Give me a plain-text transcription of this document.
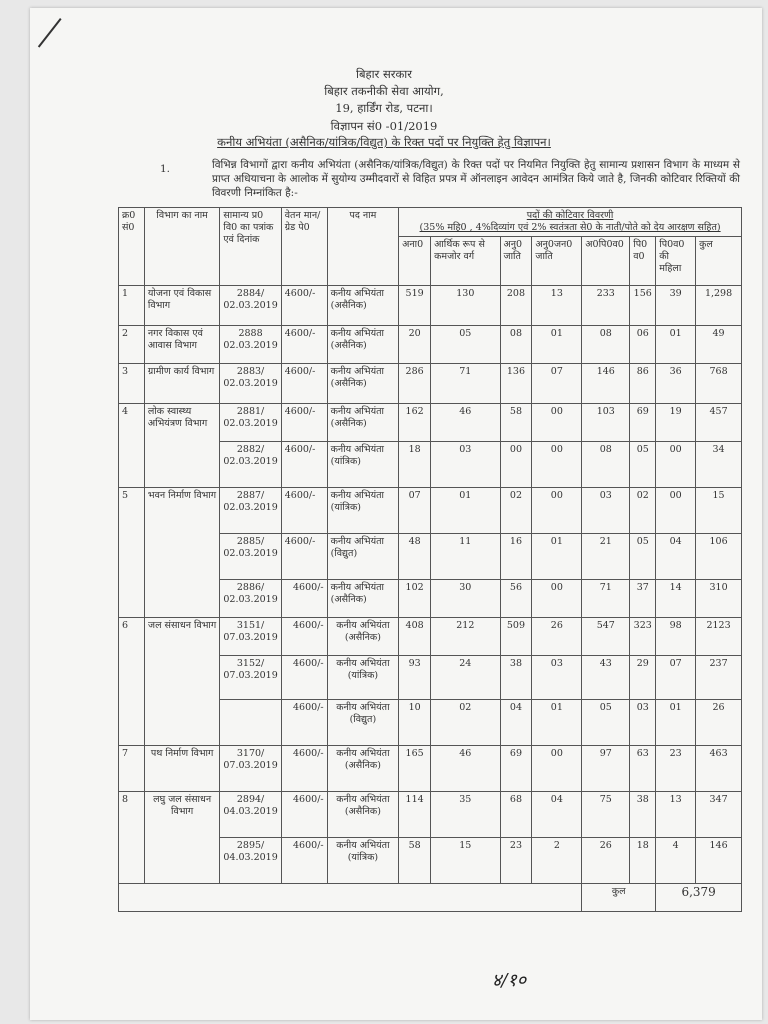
बिहार सरकार
बिहार तकनीकी सेवा आयोग,
19, हार्डिंग रोड, पटना।
विज्ञापन सं0 -01/2019
कनीय अभियंता (असैनिक/यांत्रिक/विद्युत) के रिक्त पदों पर नियुक्ति हेतु विज्ञापन।
1.	विभिन्न विभागों द्वारा कनीय अभियंता (असैनिक/यांत्रिक/विद्युत) के रिक्त पदों पर नियमित नियुक्ति हेतु सामान्य प्रशासन विभाग के माध्यम से प्राप्त अधियाचना के आलोक में सुयोग्य उम्मीदवारों से विहित प्रपत्र में ऑनलाइन आवेदन आमंत्रित किये जाते है, जिनकी कोटिवार रिक्तियों की विवरणी निम्नांकित है:-
क्र0 सं0	विभाग का नाम	सामान्य प्र0 वि0 का पत्रांक एवं दिनांक	वेतन मान/ ग्रेड पे0	पद नाम	पदों की कोटिवार विवरणी
(35% महि0 , 4%दिव्यांग एवं 2% स्वतंत्रता से0 के नाती/पोते को देय आरक्षण सहित)							

					अना0	आर्थिक रूप से कमजोर वर्ग	अनु0 जाति	अनु0जन0 जाति	अ0पि0व0	पि0 व0	पि0व0 की महिला	कुल
1	योजना एवं विकास विभाग	2884/ 02.03.2019	4600/-	कनीय अभियंता (असैनिक)	519	130	208	13	233	156	39	1,298
2	नगर विकास एवं आवास विभाग	2888 02.03.2019	4600/-	कनीय अभियंता (असैनिक)	20	05	08	01	08	06	01	49
3	ग्रामीण कार्य विभाग	2883/ 02.03.2019	4600/-	कनीय अभियंता (असैनिक)	286	71	136	07	146	86	36	768
4	लोक स्वास्थ्य अभियंत्रण विभाग	2881/ 02.03.2019	4600/-	कनीय अभियंता (असैनिक)	162	46	58	00	103	69	19	457
		2882/ 02.03.2019	4600/-	कनीय अभियंता (यांत्रिक)	18	03	00	00	08	05	00	34
5	भवन निर्माण विभाग	2887/ 02.03.2019	4600/-	कनीय अभियंता (यांत्रिक)	07	01	02	00	03	02	00	15
		2885/ 02.03.2019	4600/-	कनीय अभियंता (विद्युत)	48	11	16	01	21	05	04	106
		2886/ 02.03.2019	4600/-	कनीय अभियंता (असैनिक)	102	30	56	00	71	37	14	310
6	जल संसाधन विभाग	3151/ 07.03.2019	4600/-	कनीय अभियंता (असैनिक)	408	212	509	26	547	323	98	2123
		3152/ 07.03.2019	4600/-	कनीय अभियंता (यांत्रिक)	93	24	38	03	43	29	07	237
			4600/-	कनीय अभियंता (विद्युत)	10	02	04	01	05	03	01	26
7	पथ निर्माण विभाग	3170/ 07.03.2019	4600/-	कनीय अभियंता (असैनिक)	165	46	69	00	97	63	23	463
8	लघु जल संसाधन विभाग	2894/ 04.03.2019	4600/-	कनीय अभियंता (असैनिक)	114	35	68	04	75	38	13	347
		2895/ 04.03.2019	4600/-	कनीय अभियंता (यांत्रिक)	58	15	23	2	26	18	4	146
									कुल		6,379	
४/१०
